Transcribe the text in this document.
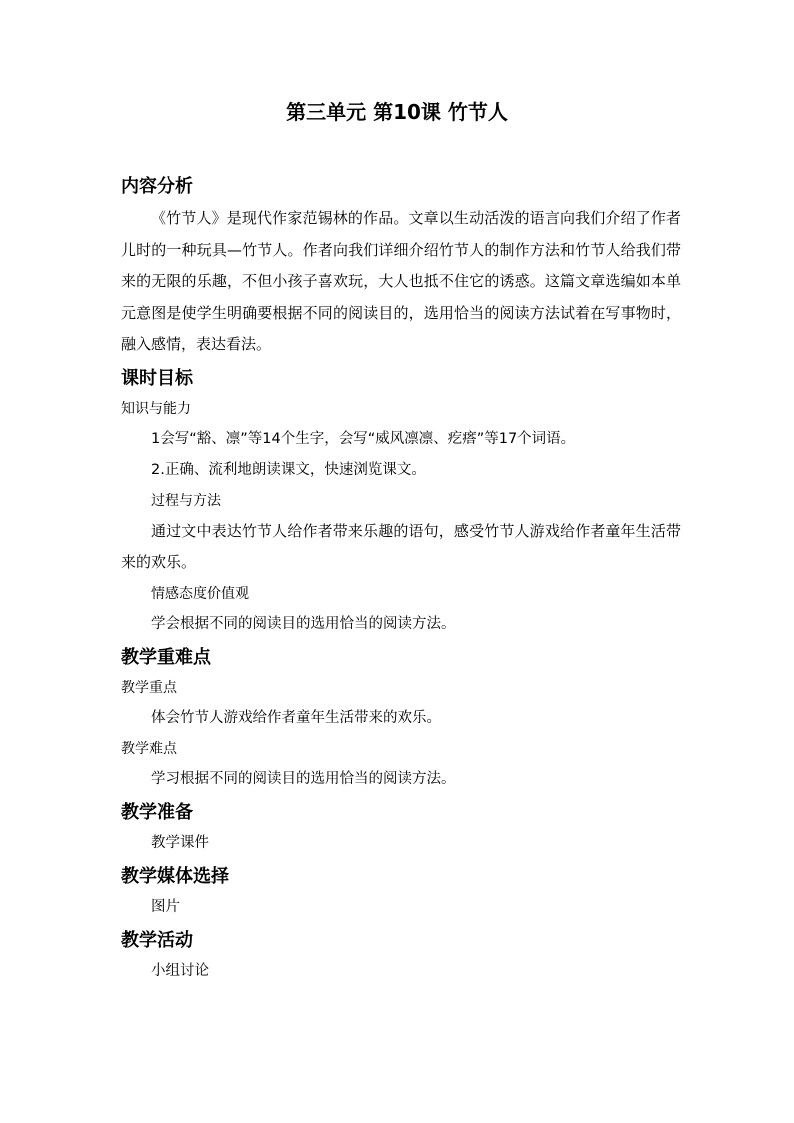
第三单元 第10课 竹节人
内容分析
《竹节人》是现代作家范锡林的作品。文章以生动活泼的语言向我们介绍了作者儿时的一种玩具—竹节人。作者向我们详细介绍竹节人的制作方法和竹节人给我们带来的无限的乐趣，不但小孩子喜欢玩，大人也抵不住它的诱惑。这篇文章选编如本单元意图是使学生明确要根据不同的阅读目的，选用恰当的阅读方法试着在写事物时，融入感情，表达看法。
课时目标
知识与能力
1会写“豁、凛”等14个生字，会写“威风凛凛、疙瘩”等17个词语。
2.正确、流利地朗读课文，快速浏览课文。
过程与方法
通过文中表达竹节人给作者带来乐趣的语句，感受竹节人游戏给作者童年生活带来的欢乐。
情感态度价值观
学会根据不同的阅读目的选用恰当的阅读方法。
教学重难点
教学重点
体会竹节人游戏给作者童年生活带来的欢乐。
教学难点
学习根据不同的阅读目的选用恰当的阅读方法。
教学准备
教学课件
教学媒体选择
图片
教学活动
小组讨论
